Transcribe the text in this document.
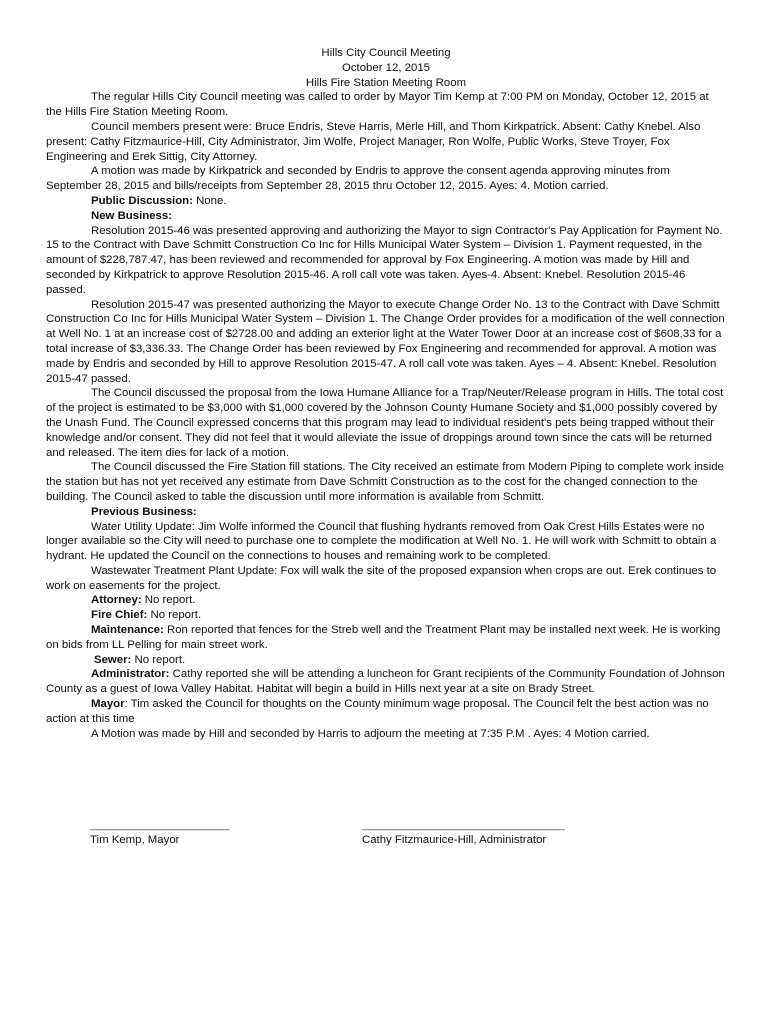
Hills City Council Meeting
October 12, 2015
Hills Fire Station Meeting Room

The regular Hills City Council meeting was called to order by Mayor Tim Kemp at 7:00 PM on Monday, October 12, 2015 at the Hills Fire Station Meeting Room.

Council members present were: Bruce Endris, Steve Harris, Merle Hill, and Thom Kirkpatrick. Absent: Cathy Knebel. Also present: Cathy Fitzmaurice-Hill, City Administrator, Jim Wolfe, Project Manager, Ron Wolfe, Public Works, Steve Troyer, Fox Engineering and Erek Sittig, City Attorney.

A motion was made by Kirkpatrick and seconded by Endris to approve the consent agenda approving minutes from September 28, 2015 and bills/receipts from September 28, 2015 thru October 12, 2015. Ayes: 4. Motion carried.

Public Discussion: None.

New Business:

Resolution 2015-46 was presented approving and authorizing the Mayor to sign Contractor's Pay Application for Payment No. 15 to the Contract with Dave Schmitt Construction Co Inc for Hills Municipal Water System – Division 1. Payment requested, in the amount of $228,787.47, has been reviewed and recommended for approval by Fox Engineering. A motion was made by Hill and seconded by Kirkpatrick to approve Resolution 2015-46. A roll call vote was taken. Ayes-4. Absent: Knebel. Resolution 2015-46 passed.

Resolution 2015-47 was presented authorizing the Mayor to execute Change Order No. 13 to the Contract with Dave Schmitt Construction Co Inc for Hills Municipal Water System – Division 1. The Change Order provides for a modification of the well connection at Well No. 1 at an increase cost of $2728.00 and adding an exterior light at the Water Tower Door at an increase cost of $608.33 for a total increase of $3,336.33. The Change Order has been reviewed by Fox Engineering and recommended for approval. A motion was made by Endris and seconded by Hill to approve Resolution 2015-47. A roll call vote was taken. Ayes – 4. Absent: Knebel. Resolution 2015-47 passed.

The Council discussed the proposal from the Iowa Humane Alliance for a Trap/Neuter/Release program in Hills. The total cost of the project is estimated to be $3,000 with $1,000 covered by the Johnson County Humane Society and $1,000 possibly covered by the Unash Fund. The Council expressed concerns that this program may lead to individual resident's pets being trapped without their knowledge and/or consent. They did not feel that it would alleviate the issue of droppings around town since the cats will be returned and released. The item dies for lack of a motion.

The Council discussed the Fire Station fill stations. The City received an estimate from Modern Piping to complete work inside the station but has not yet received any estimate from Dave Schmitt Construction as to the cost for the changed connection to the building. The Council asked to table the discussion until more information is available from Schmitt.

Previous Business:

Water Utility Update: Jim Wolfe informed the Council that flushing hydrants removed from Oak Crest Hills Estates were no longer available so the City will need to purchase one to complete the modification at Well No. 1. He will work with Schmitt to obtain a hydrant. He updated the Council on the connections to houses and remaining work to be completed.

Wastewater Treatment Plant Update: Fox will walk the site of the proposed expansion when crops are out. Erek continues to work on easements for the project.

Attorney: No report.

Fire Chief: No report.

Maintenance: Ron reported that fences for the Streb well and the Treatment Plant may be installed next week. He is working on bids from LL Pelling for main street work.

Sewer: No report.

Administrator: Cathy reported she will be attending a luncheon for Grant recipients of the Community Foundation of Johnson County as a guest of Iowa Valley Habitat. Habitat will begin a build in Hills next year at a site on Brady Street.

Mayor: Tim asked the Council for thoughts on the County minimum wage proposal. The Council felt the best action was no action at this time

A Motion was made by Hill and seconded by Harris to adjourn the meeting at 7:35 P.M . Ayes: 4 Motion carried.

______________________
Tim Kemp, Mayor
________________________________
Cathy Fitzmaurice-Hill, Administrator
